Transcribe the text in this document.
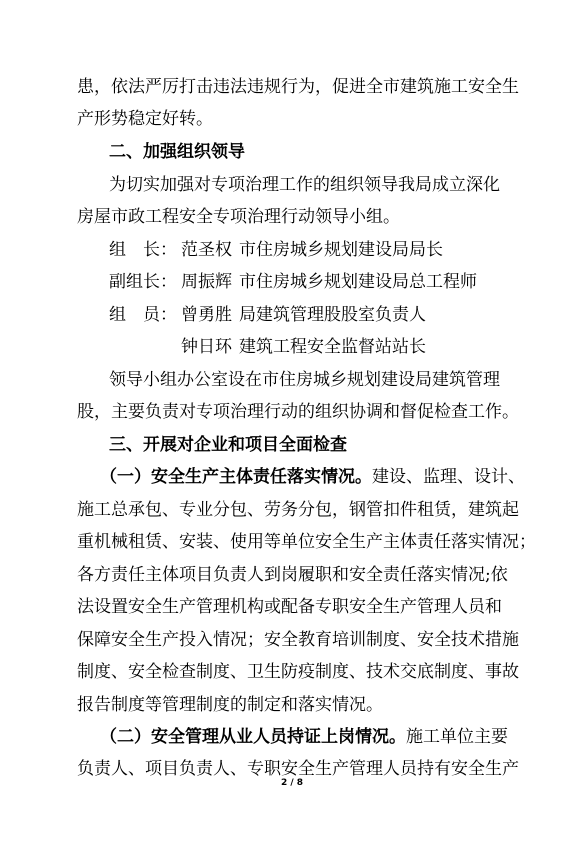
患，依法严厉打击违法违规行为，促进全市建筑施工安全生

产形势稳定好转。

二、加强组织领导

为切实加强对专项治理工作的组织领导我局成立深化

房屋市政工程安全专项治理行动领导小组。

组　长： 范圣权 市住房城乡规划建设局局长

副组长： 周振辉 市住房城乡规划建设局总工程师

组　员： 曾勇胜 局建筑管理股股室负责人

钟日环 建筑工程安全监督站站长

领导小组办公室设在市住房城乡规划建设局建筑管理

股，主要负责对专项治理行动的组织协调和督促检查工作。

三、开展对企业和项目全面检查

（一）安全生产主体责任落实情况。建设、监理、设计、

施工总承包、专业分包、劳务分包，钢管扣件租赁，建筑起

重机械租赁、安装、使用等单位安全生产主体责任落实情况；

各方责任主体项目负责人到岗履职和安全责任落实情况;依

法设置安全生产管理机构或配备专职安全生产管理人员和

保障安全生产投入情况；安全教育培训制度、安全技术措施

制度、安全检查制度、卫生防疫制度、技术交底制度、事故

报告制度等管理制度的制定和落实情况。

（二）安全管理从业人员持证上岗情况。施工单位主要

负责人、项目负责人、专职安全生产管理人员持有安全生产

2 / 8
